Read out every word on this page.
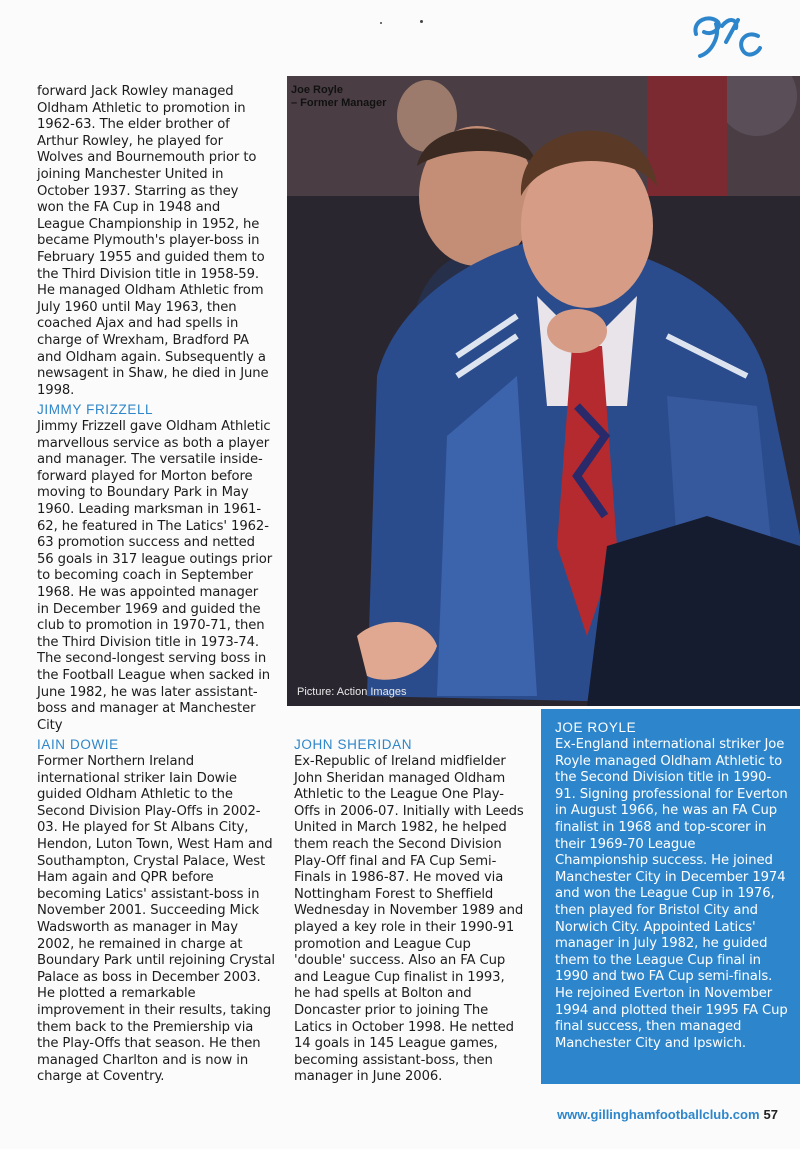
forward Jack Rowley managed Oldham Athletic to promotion in 1962-63. The elder brother of Arthur Rowley, he played for Wolves and Bournemouth prior to joining Manchester United in October 1937. Starring as they won the FA Cup in 1948 and League Championship in 1952, he became Plymouth's player-boss in February 1955 and guided them to the Third Division title in 1958-59. He managed Oldham Athletic from July 1960 until May 1963, then coached Ajax and had spells in charge of Wrexham, Bradford PA and Oldham again. Subsequently a newsagent in Shaw, he died in June 1998.

JIMMY FRIZZELL

Jimmy Frizzell gave Oldham Athletic marvellous service as both a player and manager. The versatile inside-forward played for Morton before moving to Boundary Park in May 1960. Leading marksman in 1961-62, he featured in The Latics' 1962-63 promotion success and netted 56 goals in 317 league outings prior to becoming coach in September 1968. He was appointed manager in December 1969 and guided the club to promotion in 1970-71, then the Third Division title in 1973-74. The second-longest serving boss in the Football League when sacked in June 1982, he was later assistant-boss and manager at Manchester City

IAIN DOWIE

Former Northern Ireland international striker Iain Dowie guided Oldham Athletic to the Second Division Play-Offs in 2002-03. He played for St Albans City, Hendon, Luton Town, West Ham and Southampton, Crystal Palace, West Ham again and QPR before becoming Latics' assistant-boss in November 2001. Succeeding Mick Wadsworth as manager in May 2002, he remained in charge at Boundary Park until rejoining Crystal Palace as boss in December 2003. He plotted a remarkable improvement in their results, taking them back to the Premiership via the Play-Offs that season. He then managed Charlton and is now in charge at Coventry.

JOHN SHERIDAN

Ex-Republic of Ireland midfielder John Sheridan managed Oldham Athletic to the League One Play-Offs in 2006-07. Initially with Leeds United in March 1982, he helped them reach the Second Division Play-Off final and FA Cup Semi-Finals in 1986-87. He moved via Nottingham Forest to Sheffield Wednesday in November 1989 and played a key role in their 1990-91 promotion and League Cup 'double' success. Also an FA Cup and League Cup finalist in 1993, he had spells at Bolton and Doncaster prior to joining The Latics in October 1998. He netted 14 goals in 145 League games, becoming assistant-boss, then manager in June 2006.

Joe Royle
– Former Manager
Picture: Action Images
JOE ROYLE

Ex-England international striker Joe Royle managed Oldham Athletic to the Second Division title in 1990-91. Signing professional for Everton in August 1966, he was an FA Cup finalist in 1968 and top-scorer in their 1969-70 League Championship success. He joined Manchester City in December 1974 and won the League Cup in 1976, then played for Bristol City and Norwich City. Appointed Latics' manager in July 1982, he guided them to the League Cup final in 1990 and two FA Cup semi-finals. He rejoined Everton in November 1994 and plotted their 1995 FA Cup final success, then managed Manchester City and Ipswich.

www.gillinghamfootballclub.com 57
